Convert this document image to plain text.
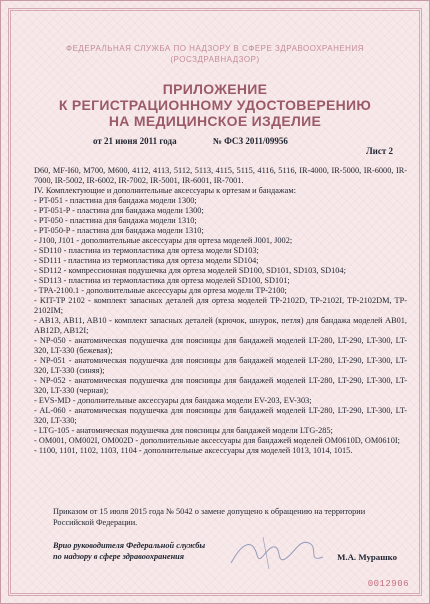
ФЕДЕРАЛЬНАЯ СЛУЖБА ПО НАДЗОРУ В СФЕРЕ ЗДРАВООХРАНЕНИЯ
(РОСЗДРАВНАДЗОР)
ПРИЛОЖЕНИЕ
К РЕГИСТРАЦИОННОМУ УДОСТОВЕРЕНИЮ
НА МЕДИЦИНСКОЕ ИЗДЕЛИЕ
от 21 июня 2011 года	№ ФСЗ 2011/09956
Лист 2

D60, MF-I60, M700, M600, 4112, 4113, 5112, 5113, 4115, 5115, 4116, 5116, IR-4000, IR-5000, IR-6000, IR-7000, IR-5002, IR-6002, IR-7002, IR-5001, IR-6001, IR-7001.

IV. Комплектующие и дополнительные аксессуары к ортезам и бандажам:

- PT-051 - пластина для бандажа модели 1300;

- PT-051-P - пластина для бандажа модели 1300;

- PT-050 - пластина для бандажа модели 1310;

- PT-050-P - пластина для бандажа модели 1310;

- J100, J101 - дополнительные аксессуары для ортеза моделей J001, J002;

- SD110 - пластина из термопластика для ортеза модели SD103;

- SD111 - пластина из термопластика для ортеза модели SD104;

- SD112 - компрессионная подушечка для ортеза моделей SD100, SD101, SD103, SD104;

- SD113 - пластина из термопластика для ортеза моделей SD100, SD101;

- TPA-2100.1 - дополнительные аксессуары для ортеза модели TP-2100;

- KIT-TP 2102 - комплект запасных деталей для ортеза моделей TP-2102D, TP-2102I, TP-2102DM, TP-2102IM;

- AB13, AB11, AB10 - комплект запасных деталей (крючок, шнурок, петля) для бандажа моделей AB01, AB12D, AB12I;

- NP-050 - анатомическая подушечка для поясницы для бандажей моделей LT-280, LT-290, LT-300, LT-320, LT-330 (бежевая);

- NP-051 - анатомическая подушечка для поясницы для бандажей моделей LT-280, LT-290, LT-300, LT-320, LT-330 (синяя);

- NP-052 - анатомическая подушечка для поясницы для бандажей моделей LT-280, LT-290, LT-300, LT-320, LT-330 (черная);

- EVS-MD - дополнительные аксессуары для бандажа модели EV-203, EV-303;

- AL-060 - анатомическая подушечка для поясницы для бандажей моделей LT-280, LT-290, LT-300, LT-320, LT-330;

- LTG-105 - анатомическая подушечка для поясницы для бандажей модели LTG-285;

- OM001, OM002I, OM002D - дополнительные аксессуары для бандажей моделей OM0610D, OM0610I;

- 1100, 1101, 1102, 1103, 1104 - дополнительные аксессуары для моделей 1013, 1014, 1015.

Приказом от 15 июля 2015 года № 5042 о замене допущено к обращению на территории Российской Федерации.
Врио руководителя Федеральной службы
по надзору в сфере здравоохранения	М.А. Мурашко
0012906
